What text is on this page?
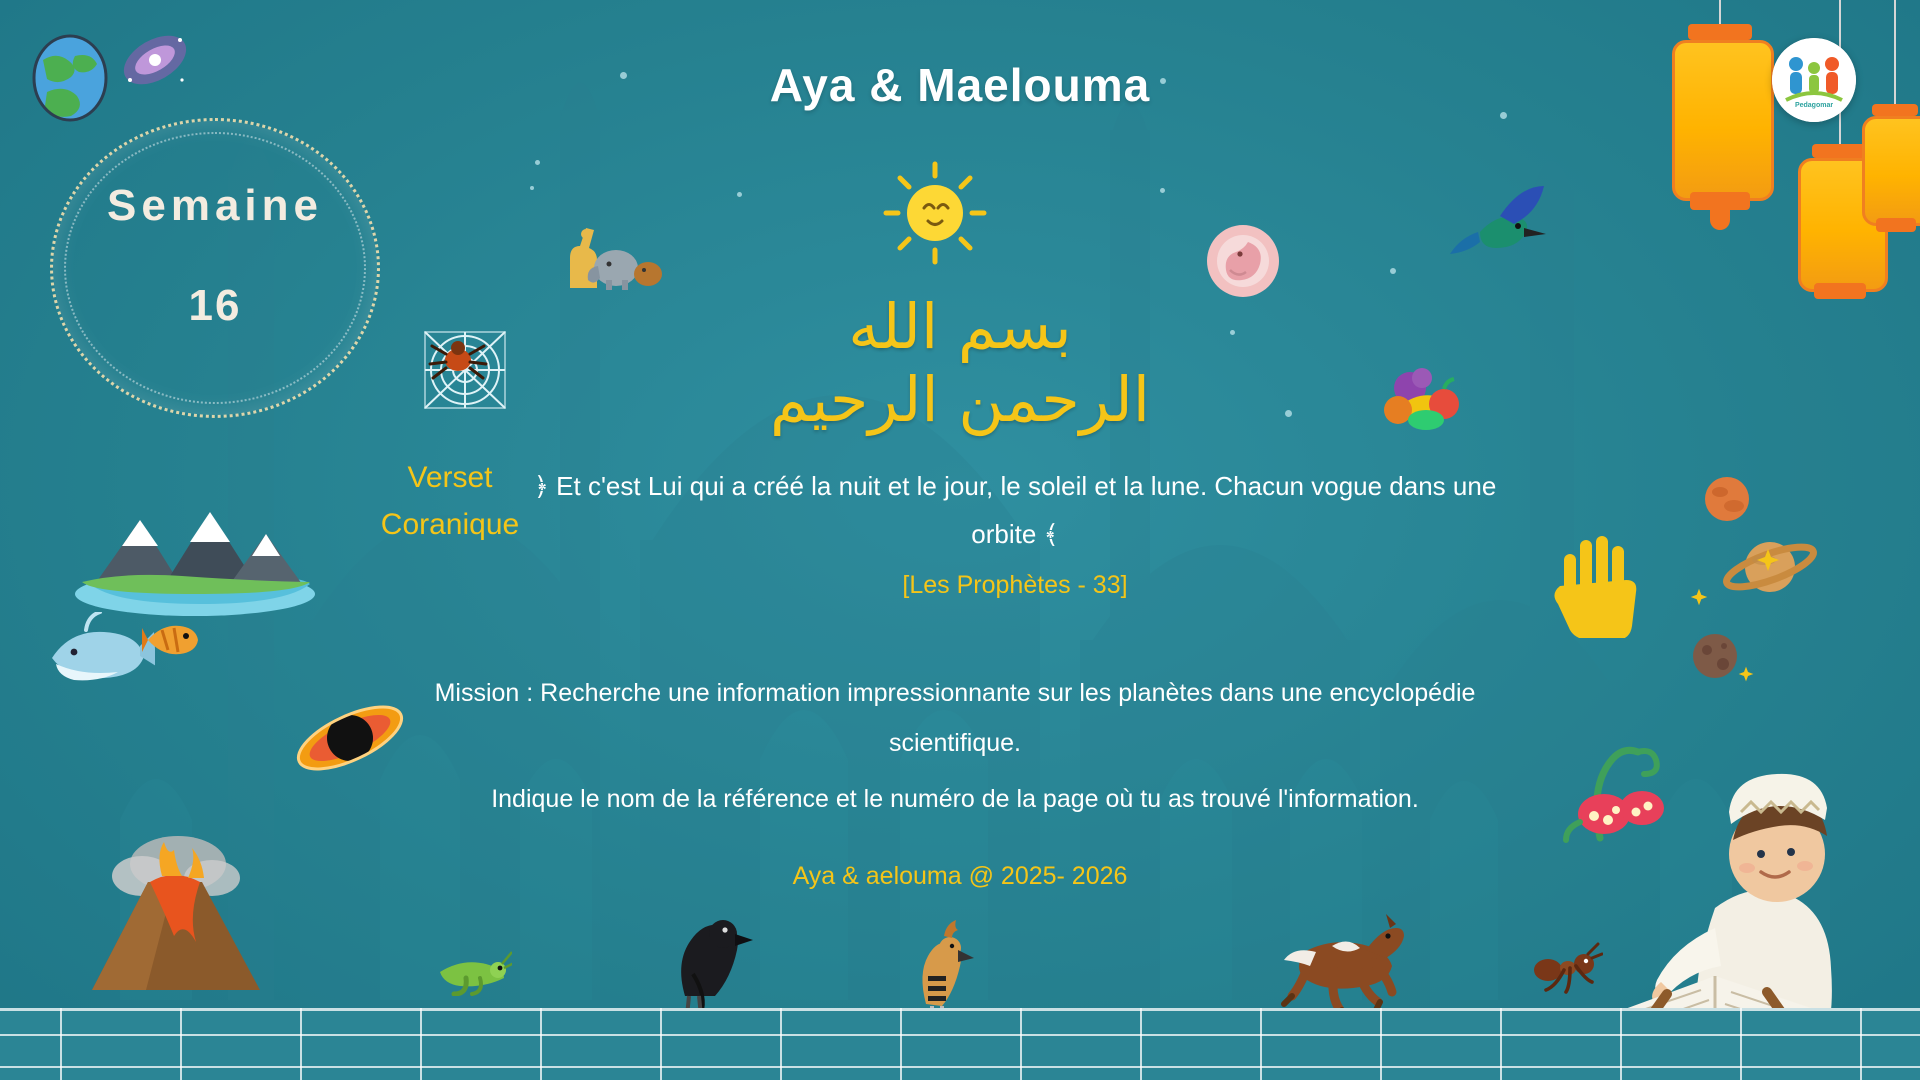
Aya & Maelouma
Semaine
16	بسم الله الرحمن الرحيم
Verset
Coranique
﴿ Et c'est Lui qui a créé la nuit et le jour, le soleil et la lune. Chacun vogue dans une orbite ﴾
[Les Prophètes - 33]
Mission : Recherche une information impressionnante sur les planètes dans une encyclopédie scientifique.
Indique le nom de la référence et le numéro de la page où tu as trouvé l'information.
Aya & aelouma @ 2025- 2026
Pedagomar
